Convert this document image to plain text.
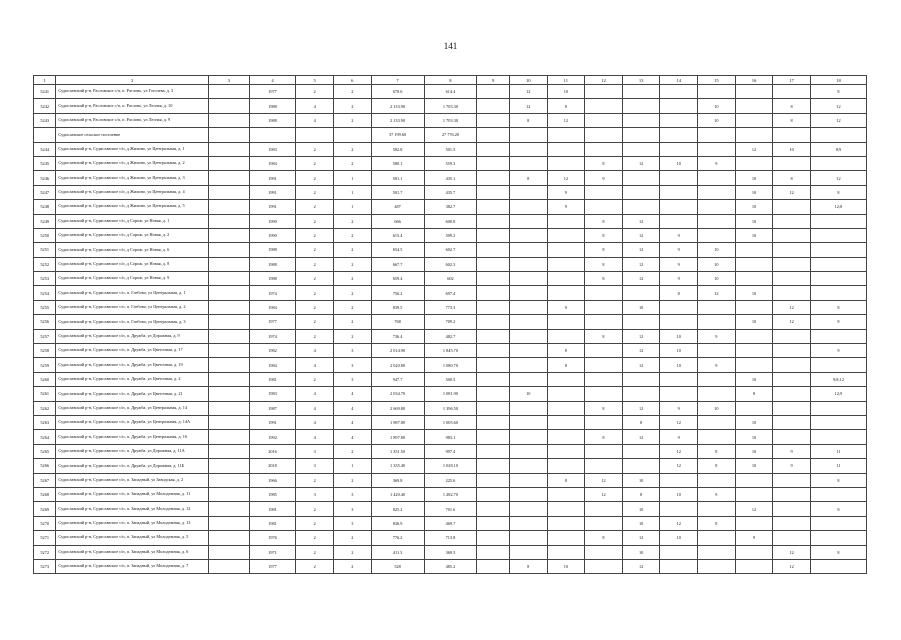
141
1	2	3	4	5	6	7	8	9	10	11	12	13	14	15	16	17	18
5241	Судиславский р-н, Расловское с/п, п. Раслово, ул Гоголева, д. 3		1977	2	2	670.6	614.4		12	10							8
5242	Судиславский р-н, Расловское с/п, п. Раслово, ул Лесная, д. 10		1988	4	2	2 133.90	1 703.30		12	8				10		8	12
5243	Судиславский р-н, Расловское с/п, п. Раслово, ул Лесная, д. 9		1988	4	2	2 133.90	1 703.30		8	12				10		8	12
	Судиславское сельское поселение					37 199.60	27 776.20										
5244	Судиславский р-н, Судиславское с/п, д Жилино, ул Центральная, д. 1		1983	2	2	582.8	501.5								12	10	8;9
5245	Судиславский р-н, Судиславское с/п, д Жилино, ул Центральная, д. 2		1984	2	2	580.1	559.3				8	12	10	9			
5246	Судиславский р-н, Судиславское с/п, д Жилино, ул Центральная, д. 3		1991	2	1	501.1	435.1		8	12	9				10	8	12
5247	Судиславский р-н, Судиславское с/п, д Жилино, ул Центральная, д. 4		1991	2	1	501.7	435.7			9					10	12	8
5248	Судиславский р-н, Судиславское с/п, д Жилино, ул Центральная, д. 5		1991	2	1	487	382.7			9					10		12;8
5249	Судиславский р-н, Судиславское с/п, д Сорож, ул Новая, д. 1		1990	2	2	666	600.8				8	12			10		
5250	Судиславский р-н, Судиславское с/п, д Сорож, ул Новая, д. 2		1990	2	2	615.4	599.2				8	12	9		10		
5251	Судиславский р-н, Судиславское с/п, д Сорож, ул Новая, д. 6		1988	2	2	654.5	602.7				8	12	9	10			
5252	Судиславский р-н, Судиславское с/п, д Сорож, ул Новая, д. 8		1988	2	2	667.7	602.3				8	12	9	10			
5253	Судиславский р-н, Судиславское с/п, д Сорож, ул Новая, д. 9		1988	2	2	659.4	602				8	12	9	10			
5254	Судиславский р-н, Судиславское с/п, п. Глебово, ул Центральная, д. 1		1974	2	2	756.2	697.4						8	12	10		
5255	Судиславский р-н, Судиславское с/п, п. Глебово, ул Центральная, д. 2		1984	2	2	839.5	773.3			9		10				12	8
5256	Судиславский р-н, Судиславское с/п, п. Глебово, ул Центральная, д. 3		1977	2	2	768	709.2								10	12	8
5257	Судиславский р-н, Судиславское с/п, п. Дружба, ул Дорожная, д. 9		1974	2	2	736.4	482.7				8	12	10	9			
5258	Судиславский р-н, Судиславское с/п, п. Дружба, ул Цветочная, д. 17		1982	4	3	2 014.90	1 845.70			8		12	10				9
5259	Судиславский р-н, Судиславское с/п, п. Дружба, ул Цветочная, д. 19		1984	4	3	2 020.80	1 080.70			8		12	10	9			
5260	Судиславский р-н, Судиславское с/п, п. Дружба, ул Цветочная, д. 2		1981	2	3	947.7	500.5								10		9;8;12
5261	Судиславский р-н, Судиславское с/п, п. Дружба, ул Цветочная, д. 21		1983	4	4	2 034.70	1 081.90		10						8		12;9
5262	Судиславский р-н, Судиславское с/п, п. Дружба, ул Центральная, д. 14		1987	4	4	2 669.80	1 396.50				8	12	9	10			
5263	Судиславский р-н, Судиславское с/п, п. Дружба, ул Центральная, д. 14А		1991	4	4	1 987.80	1 005.60					8	12		10		
5264	Судиславский р-н, Судиславское с/п, п. Дружба, ул Центральная, д. 16		1992	4	4	1 897.80	983.1				8	12	9		10		
5265	Судиславский р-н, Судиславское с/п, п. Дружба, ул Дорожная, д. 11А		2016	3	2	1 351.50	997.4						12	8	10	9	11
5266	Судиславский р-н, Судиславское с/п, п. Дружба, ул Дорожная, д. 11Б		2018	3	1	1 335.40	1 028.10						12	8	10	9	11
5267	Судиславский р-н, Судиславское с/п, п. Западный, ул Заводская, д. 2		1966	2	2	369.8	225.6			8	12	10					8
5268	Судиславский р-н, Судиславское с/п, п. Западный, ул Молодежная, д. 11		1985	3	3	1 420.40	1 282.70				12	8	10	9			
5269	Судиславский р-н, Судиславское с/п, п. Западный, ул Молодежная, д. 12		1981	2	3	825.2	701.6					10			12		8
5270	Судиславский р-н, Судиславское с/п, п. Западный, ул Молодежная, д. 13		1981	2	3	836.9	469.7					10	12	8			
5271	Судиславский р-н, Судиславское с/п, п. Западный, ул Молодежная, д. 5		1976	2	2	776.2	713.8				8	12	10		9		
5272	Судиславский р-н, Судиславское с/п, п. Западный, ул Молодежная, д. 6		1971	2	2	411.3	369.5					10				12	8
5273	Судиславский р-н, Судиславское с/п, п. Западный, ул Молодежная, д. 7		1977	2	2	528	485.2		8	10		12				12	
